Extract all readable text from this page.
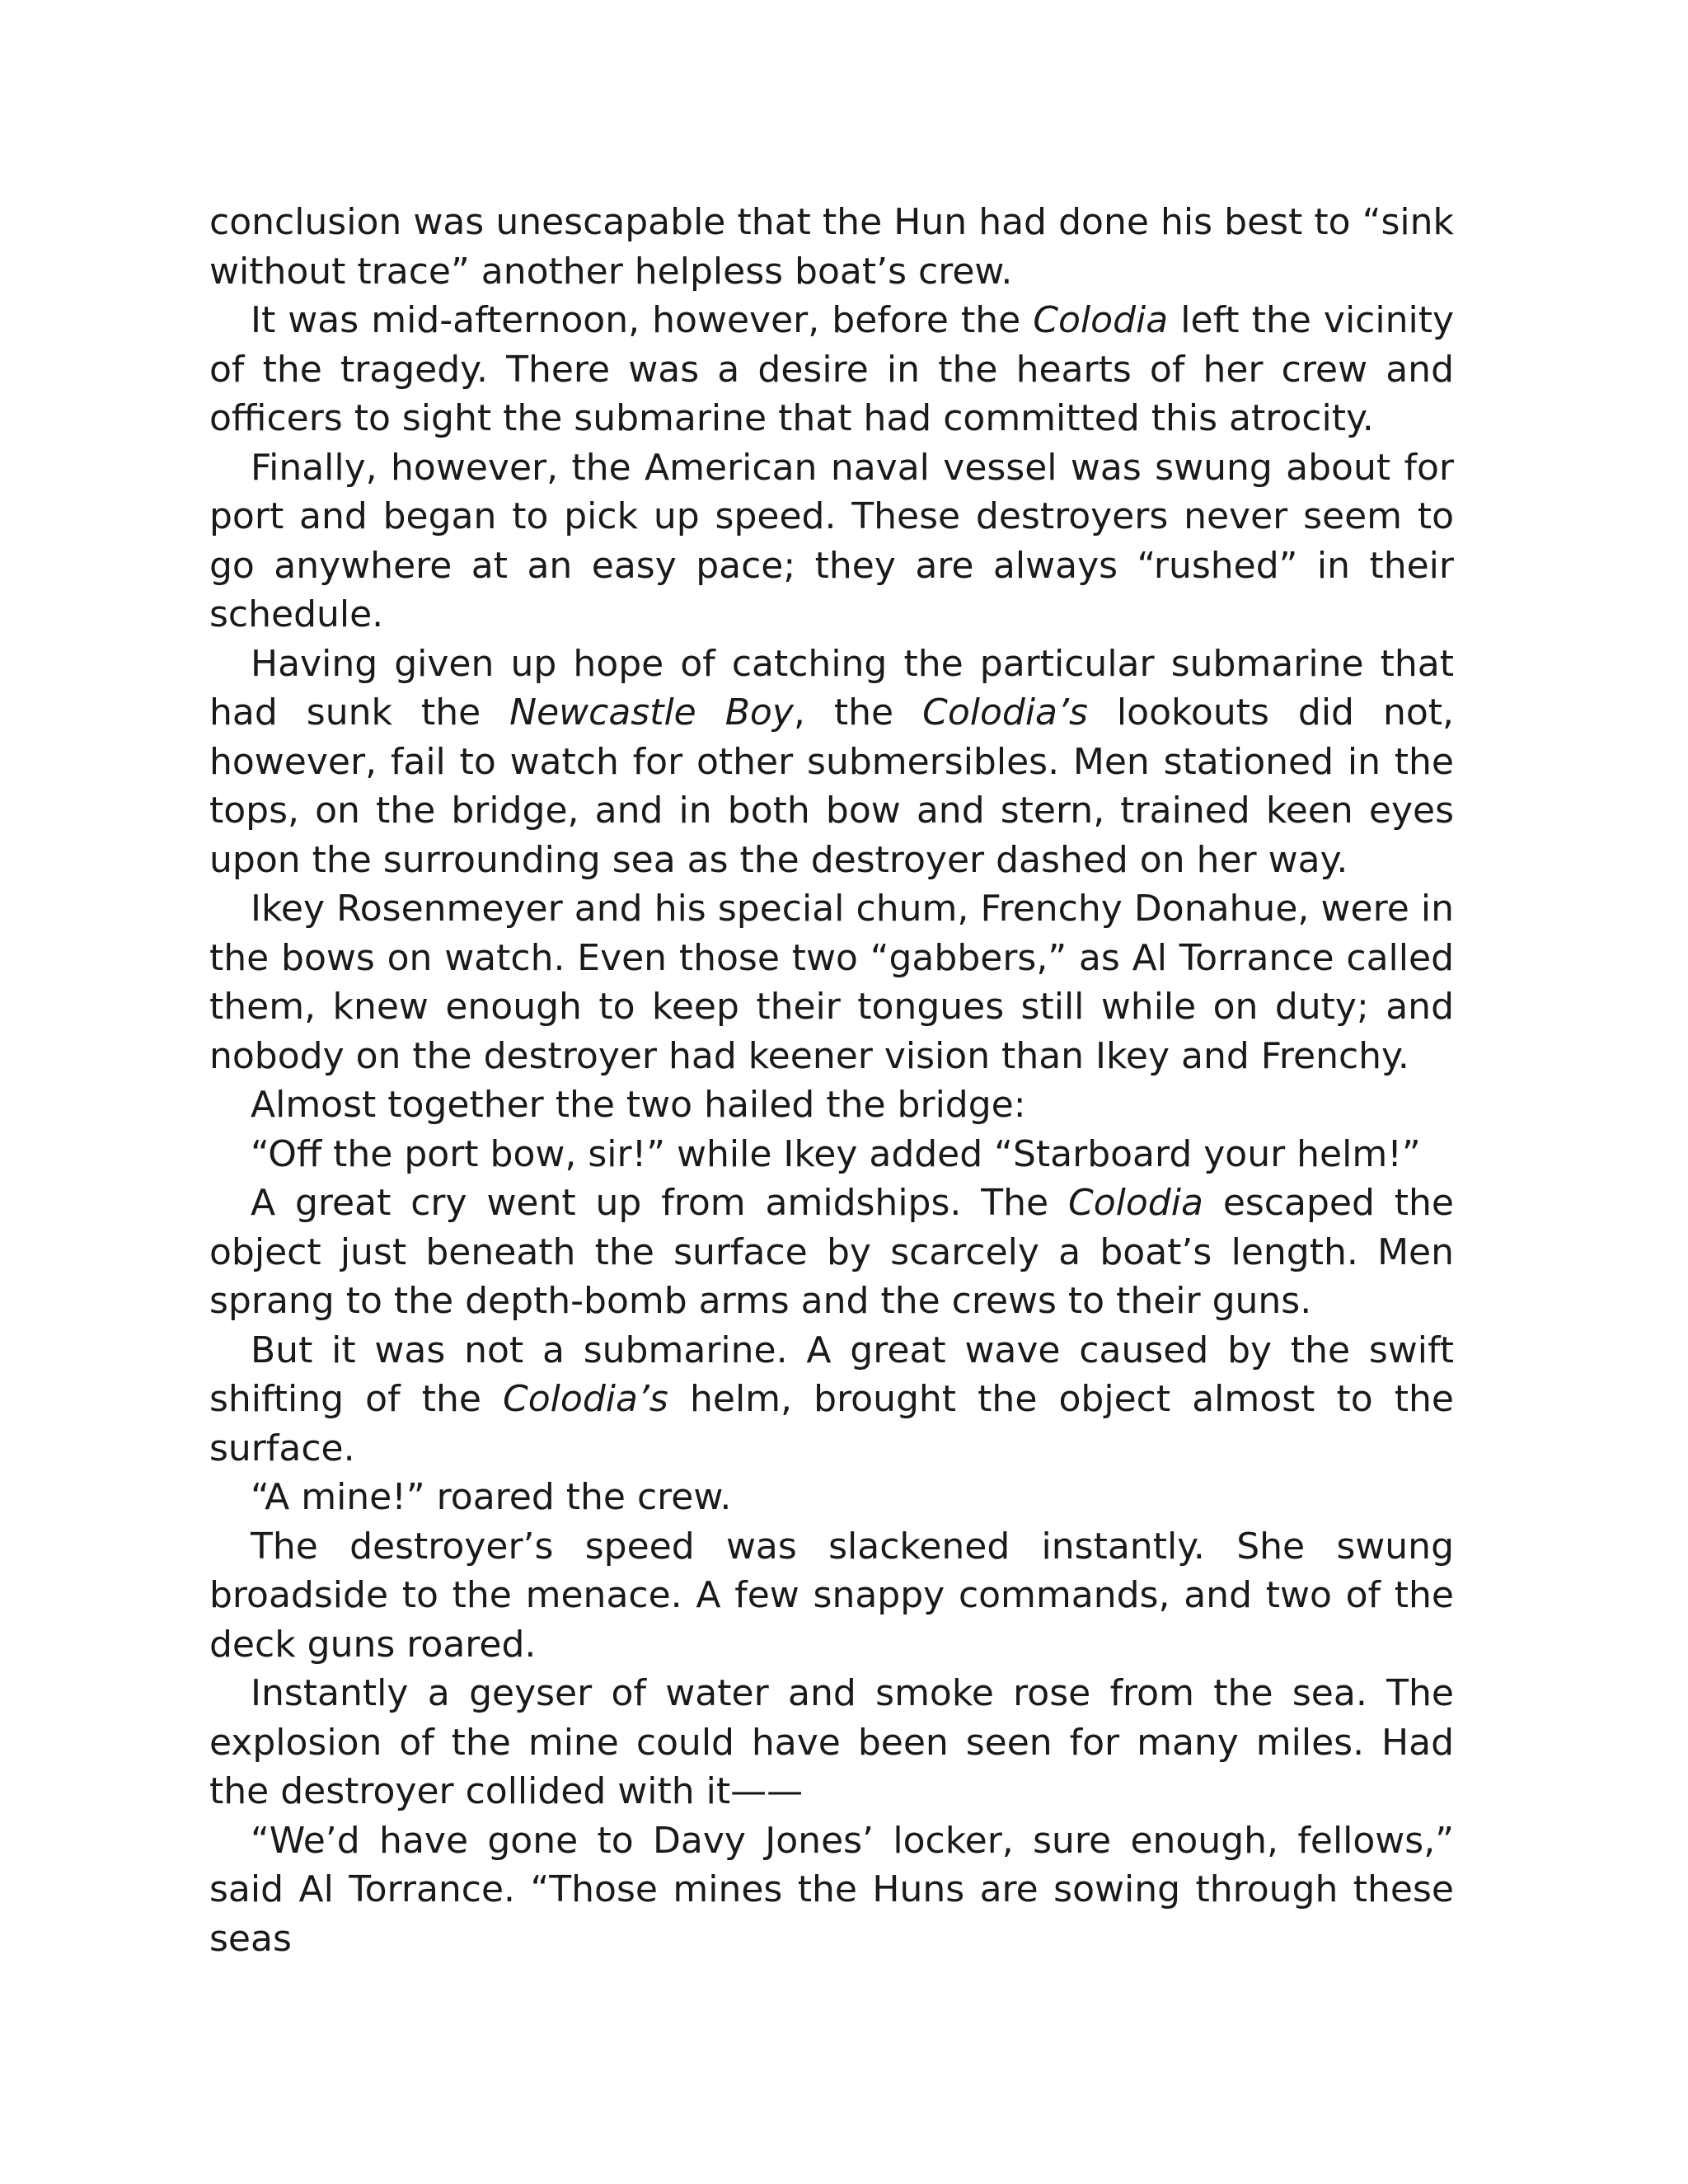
conclusion was unescapable that the Hun had done his best to “sink without trace” another helpless boat’s crew.

It was mid-afternoon, however, before the Colodia left the vicinity of the tragedy. There was a desire in the hearts of her crew and officers to sight the submarine that had committed this atrocity.

Finally, however, the American naval vessel was swung about for port and began to pick up speed. These destroyers never seem to go anywhere at an easy pace; they are always “rushed” in their schedule.

Having given up hope of catching the particular submarine that had sunk the Newcastle Boy, the Colodia’s lookouts did not, however, fail to watch for other submersibles. Men stationed in the tops, on the bridge, and in both bow and stern, trained keen eyes upon the surrounding sea as the destroyer dashed on her way.

Ikey Rosenmeyer and his special chum, Frenchy Donahue, were in the bows on watch. Even those two “gabbers,” as Al Torrance called them, knew enough to keep their tongues still while on duty; and nobody on the destroyer had keener vision than Ikey and Frenchy.

Almost together the two hailed the bridge:

“Off the port bow, sir!” while Ikey added “Starboard your helm!”

A great cry went up from amidships. The Colodia escaped the object just beneath the surface by scarcely a boat’s length. Men sprang to the depth-bomb arms and the crews to their guns.

But it was not a submarine. A great wave caused by the swift shifting of the Colodia’s helm, brought the object almost to the surface.

“A mine!” roared the crew.

The destroyer’s speed was slackened instantly. She swung broadside to the menace. A few snappy commands, and two of the deck guns roared.

Instantly a geyser of water and smoke rose from the sea. The explosion of the mine could have been seen for many miles. Had the destroyer collided with it——

“We’d have gone to Davy Jones’ locker, sure enough, fellows,” said Al Torrance. “Those mines the Huns are sowing through these seas
